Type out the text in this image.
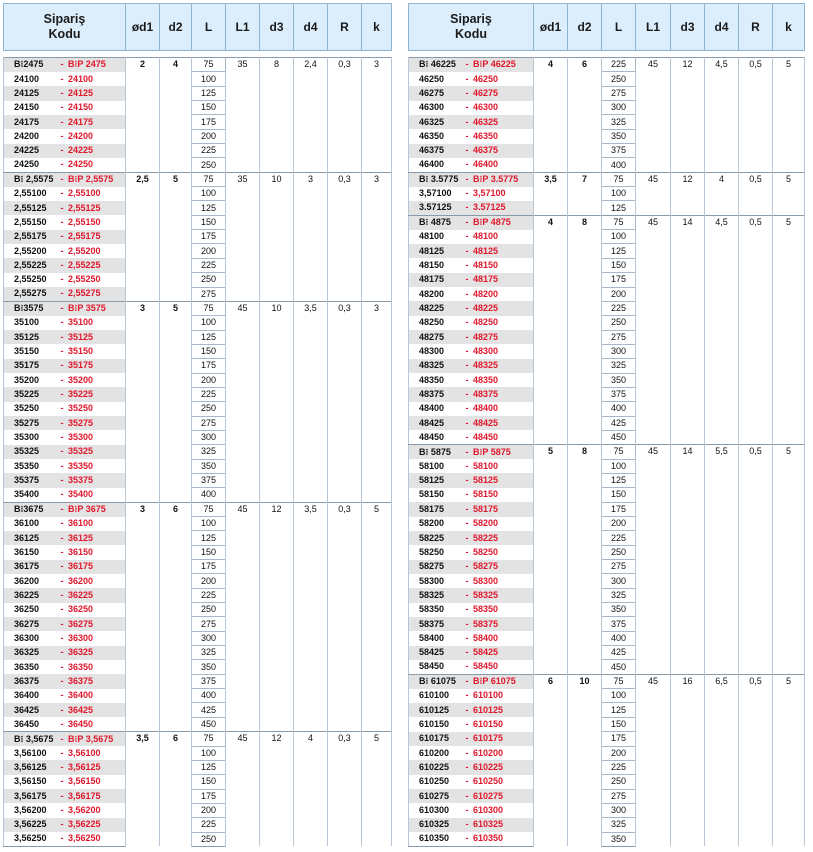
Sipariş
Kodu	ød1	d2	L	L1	d3	d4	R	k

B⁝2475 -B⁝P 2475	2	4	75	35	8	2,4	0,3	3
24100 - 24100			100					
24125 - 24125			125					
24150 - 24150			150					
24175 - 24175			175					
24200 - 24200			200					
24225 - 24225			225					
24250 - 24250			250					
B⁝ 2,5575 -B⁝P 2,5575	2,5	5	75	35	10	3	0,3	3
2,55100 - 2,55100			100					
2,55125 - 2,55125			125					
2,55150 - 2,55150			150					
2,55175 - 2,55175			175					
2,55200 - 2,55200			200					
2,55225 - 2,55225			225					
2,55250 - 2,55250			250					
2,55275 - 2,55275			275					
B⁝3575 - B⁝P 3575	3	5	75	45	10	3,5	0,3	3
35100 - 35100			100					
35125 - 35125			125					
35150 - 35150			150					
35175 - 35175			175					
35200 - 35200			200					
35225 - 35225			225					
35250 - 35250			250					
35275 - 35275			275					
35300 - 35300			300					
35325 - 35325			325					
35350 - 35350			350					
35375 - 35375			375					
35400 - 35400			400					
B⁝3675 - B⁝P 3675	3	6	75	45	12	3,5	0,3	5
36100 - 36100			100					
36125 - 36125			125					
36150 - 36150			150					
36175 - 36175			175					
36200 - 36200			200					
36225 - 36225			225					
36250 - 36250			250					
36275 - 36275			275					
36300 - 36300			300					
36325 - 36325			325					
36350 - 36350			350					
36375 - 36375			375					
36400 - 36400			400					
36425 - 36425			425					
36450 - 36450			450					
B⁝ 3,5675 - B⁝P 3,5675	3,5	6	75	45	12	4	0,3	5
3,56100 - 3,56100			100					
3,56125 - 3,56125			125					
3,56150 - 3,56150			150					
3,56175 - 3,56175			175					
3,56200 - 3,56200			200					
3,56225 - 3,56225			225					
3,56250 - 3,56250			250					
Sipariş
Kodu	ød1	d2	L	L1	d3	d4	R	k

B⁝ 46225 -B⁝P 46225	4	6	225	45	12	4,5	0,5	5
46250 - 46250			250					
46275 - 46275			275					
46300 - 46300			300					
46325 - 46325			325					
46350 - 46350			350					
46375 - 46375			375					
46400 - 46400			400					
B⁝ 3.5775 -B⁝P 3.5775	3,5	7	75	45	12	4	0,5	5
3,57100 - 3,57100			100					
3.57125 - 3.57125			125					
B⁝ 4875 -B⁝P 4875	4	8	75	45	14	4,5	0,5	5
48100 - 48100			100					
48125 - 48125			125					
48150 - 48150			150					
48175 - 48175			175					
48200 - 48200			200					
48225 - 48225			225					
48250 - 48250			250					
48275 - 48275			275					
48300 - 48300			300					
48325 - 48325			325					
48350 - 48350			350					
48375 - 48375			375					
48400 - 48400			400					
48425 - 48425			425					
48450 - 48450			450					
B⁝ 5875 -B⁝P 5875	5	8	75	45	14	5,5	0,5	5
58100 - 58100			100					
58125 - 58125			125					
58150 - 58150			150					
58175 - 58175			175					
58200 - 58200			200					
58225 - 58225			225					
58250 - 58250			250					
58275 - 58275			275					
58300 - 58300			300					
58325 - 58325			325					
58350 - 58350			350					
58375 - 58375			375					
58400 - 58400			400					
58425 - 58425			425					
58450 - 58450			450					
B⁝ 61075 -B⁝P 61075	6	10	75	45	16	6,5	0,5	5
610100 - 610100			100					
610125 - 610125			125					
610150 - 610150			150					
610175 - 610175			175					
610200 - 610200			200					
610225 - 610225			225					
610250 - 610250			250					
610275 - 610275			275					
610300 - 610300			300					
610325 - 610325			325					
610350 - 610350			350					
